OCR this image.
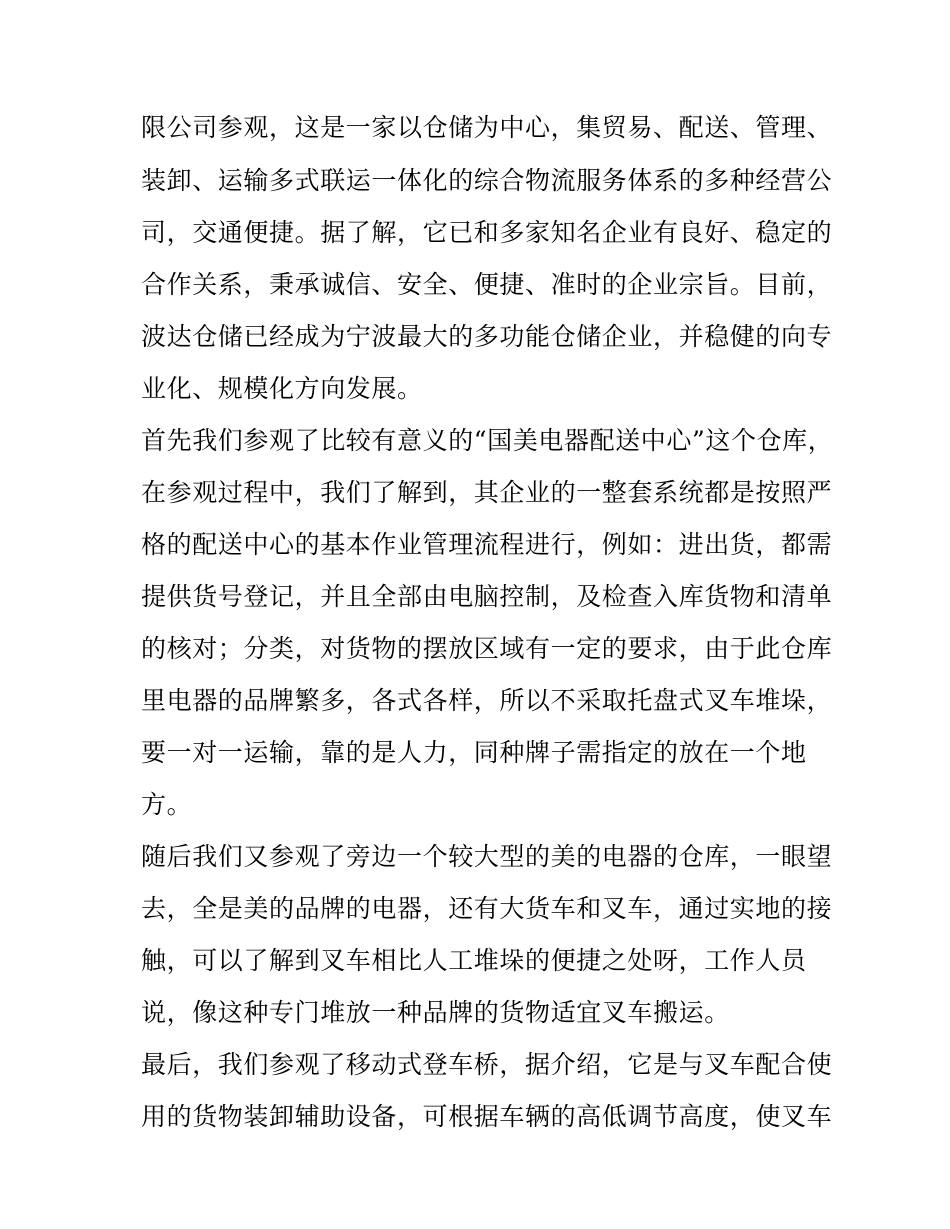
限公司参观，这是一家以仓储为中心，集贸易、配送、管理、
装卸、运输多式联运一体化的综合物流服务体系的多种经营公
司，交通便捷。据了解，它已和多家知名企业有良好、稳定的
合作关系，秉承诚信、安全、便捷、准时的企业宗旨。目前，
波达仓储已经成为宁波最大的多功能仓储企业，并稳健的向专
业化、规模化方向发展。
首先我们参观了比较有意义的“国美电器配送中心”这个仓库，
在参观过程中，我们了解到，其企业的一整套系统都是按照严
格的配送中心的基本作业管理流程进行，例如：进出货，都需
提供货号登记，并且全部由电脑控制，及检查入库货物和清单
的核对；分类，对货物的摆放区域有一定的要求，由于此仓库
里电器的品牌繁多，各式各样，所以不采取托盘式叉车堆垛，
要一对一运输，靠的是人力，同种牌子需指定的放在一个地
方。
随后我们又参观了旁边一个较大型的美的电器的仓库，一眼望
去，全是美的品牌的电器，还有大货车和叉车，通过实地的接
触，可以了解到叉车相比人工堆垛的便捷之处呀，工作人员
说，像这种专门堆放一种品牌的货物适宜叉车搬运。
最后，我们参观了移动式登车桥，据介绍，它是与叉车配合使
用的货物装卸辅助设备，可根据车辆的高低调节高度，使叉车
